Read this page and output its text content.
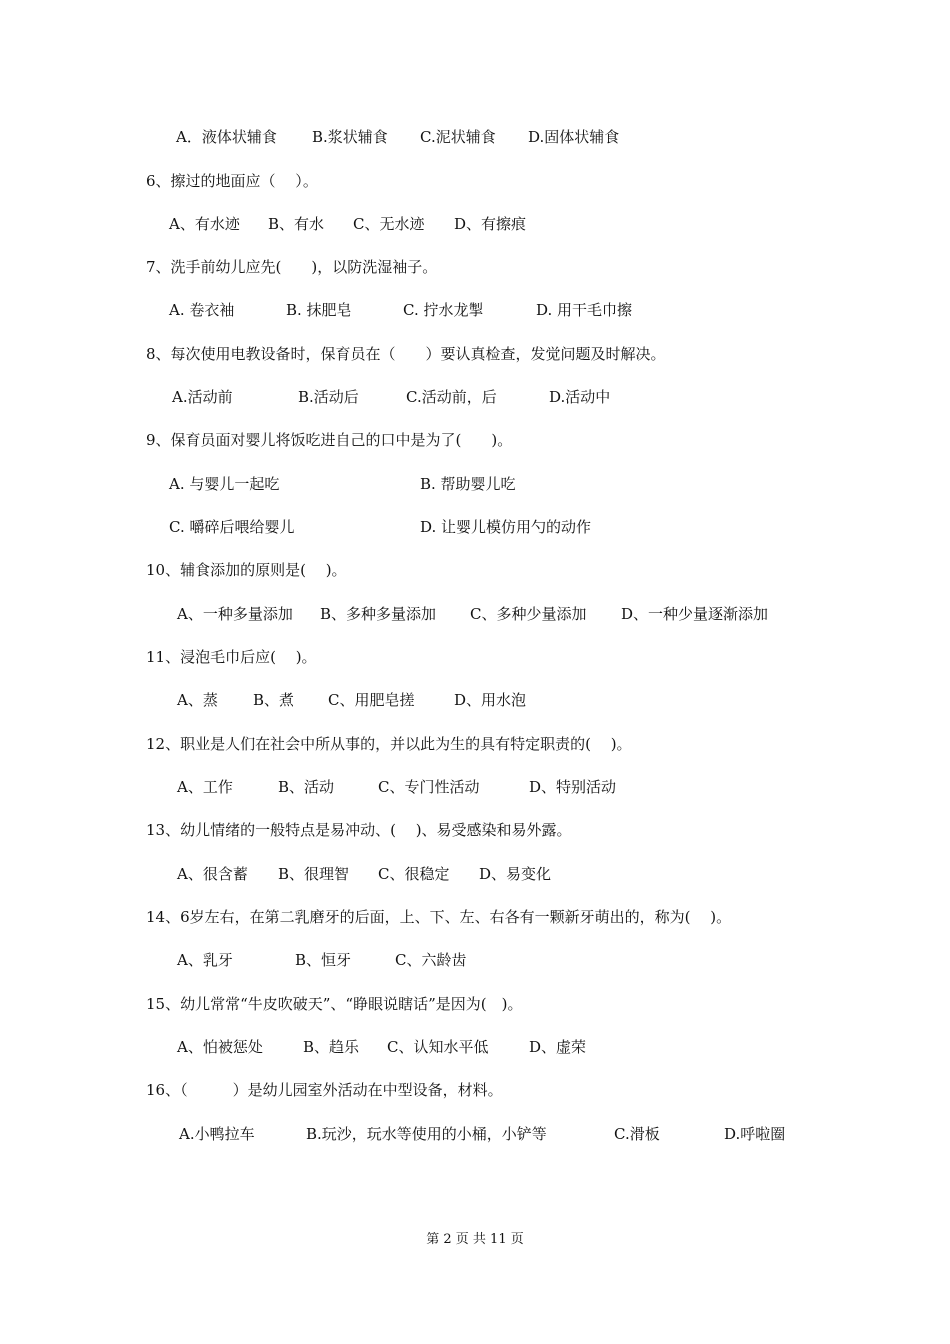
A．液体状辅食 B.浆状辅食 C.泥状辅食 D.固体状辅食
6、擦过的地面应（　 ）。
A、有水迹 B、有水 C、无水迹 D、有擦痕
7、洗手前幼儿应先(　　)，以防洗湿袖子。
A. 卷衣袖	B. 抹肥皂	C. 拧水龙掣	D. 用干毛巾擦
8、每次使用电教设备时，保育员在（　　）要认真检查，发觉问题及时解决。
A.活动前	B.活动后	C.活动前，后	D.活动中
9、保育员面对婴儿将饭吃进自己的口中是为了(　　)。
A. 与婴儿一起吃	B. 帮助婴儿吃
C. 嚼碎后喂给婴儿	D. 让婴儿模仿用勺的动作
10、辅食添加的原则是(　 )。
A、一种多量添加 B、多种多量添加 C、多种少量添加 D、一种少量逐渐添加
11、浸泡毛巾后应(　 )。
A、蒸 B、煮 C、用肥皂搓	D、用水泡
12、职业是人们在社会中所从事的，并以此为生的具有特定职责的(　 )。
A、工作	B、活动	C、专门性活动	D、特别活动
13、幼儿情绪的一般特点是易冲动、(　 )、易受感染和易外露。
A、很含蓄 B、很理智 C、很稳定 D、易变化
14、6岁左右，在第二乳磨牙的后面，上、下、左、右各有一颗新牙萌出的，称为(　 )。
A、乳牙	B、恒牙	C、六龄齿
15、幼儿常常“牛皮吹破天”、“睁眼说瞎话”是因为(　)。
A、怕被惩处	B、趋乐 C、认知水平低	D、虚荣
16、（　　　）是幼儿园室外活动在中型设备，材料。
A.小鸭拉车	B.玩沙，玩水等使用的小桶，小铲等	C.滑板	D.呼啦圈
第 2 页 共 11 页
